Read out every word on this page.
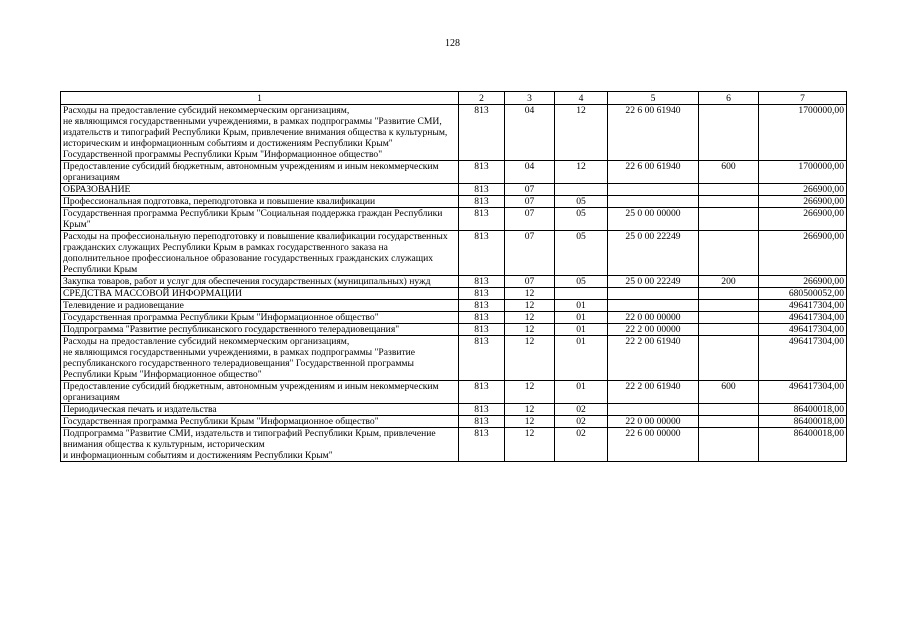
128
1	2	3	4	5	6	7
Расходы на предоставление субсидий некоммерческим организациям,
не являющимся государственными учреждениями, в рамках подпрограммы "Развитие СМИ, издательств и типографий Республики Крым, привлечение внимания общества к культурным, историческим и информационным событиям и достижениям Республики Крым" Государственной программы Республики Крым "Информационное общество"	813	04	12	22 6 00 61940		1700000,00
Предоставление субсидий бюджетным, автономным учреждениям и иным некоммерческим организациям	813	04	12	22 6 00 61940	600	1700000,00
ОБРАЗОВАНИЕ	813	07				266900,00
Профессиональная подготовка, переподготовка и повышение квалификации	813	07	05			266900,00
Государственная программа Республики Крым "Социальная поддержка граждан Республики Крым"	813	07	05	25 0 00 00000		266900,00
Расходы на профессиональную переподготовку и повышение квалификации государственных гражданских служащих Республики Крым в рамках государственного заказа на дополнительное профессиональное образование государственных гражданских служащих Республики Крым	813	07	05	25 0 00 22249		266900,00
Закупка товаров, работ и услуг для обеспечения государственных (муниципальных) нужд	813	07	05	25 0 00 22249	200	266900,00
СРЕДСТВА МАССОВОЙ ИНФОРМАЦИИ	813	12				680500052,00
Телевидение и радиовещание	813	12	01			496417304,00
Государственная программа Республики Крым "Информационное общество"	813	12	01	22 0 00 00000		496417304,00
Подпрограмма "Развитие республиканского государственного телерадиовещания"	813	12	01	22 2 00 00000		496417304,00
Расходы на предоставление субсидий некоммерческим организациям,
не являющимся государственными учреждениями, в рамках подпрограммы "Развитие республиканского государственного телерадиовещания" Государственной программы Республики Крым "Информационное общество"	813	12	01	22 2 00 61940		496417304,00
Предоставление субсидий бюджетным, автономным учреждениям и иным некоммерческим организациям	813	12	01	22 2 00 61940	600	496417304,00
Периодическая печать и издательства	813	12	02			86400018,00
Государственная программа Республики Крым "Информационное общество"	813	12	02	22 0 00 00000		86400018,00
Подпрограмма "Развитие СМИ, издательств и типографий Республики Крым, привлечение внимания общества к культурным, историческим
и информационным событиям и достижениям Республики Крым"	813	12	02	22 6 00 00000		86400018,00
